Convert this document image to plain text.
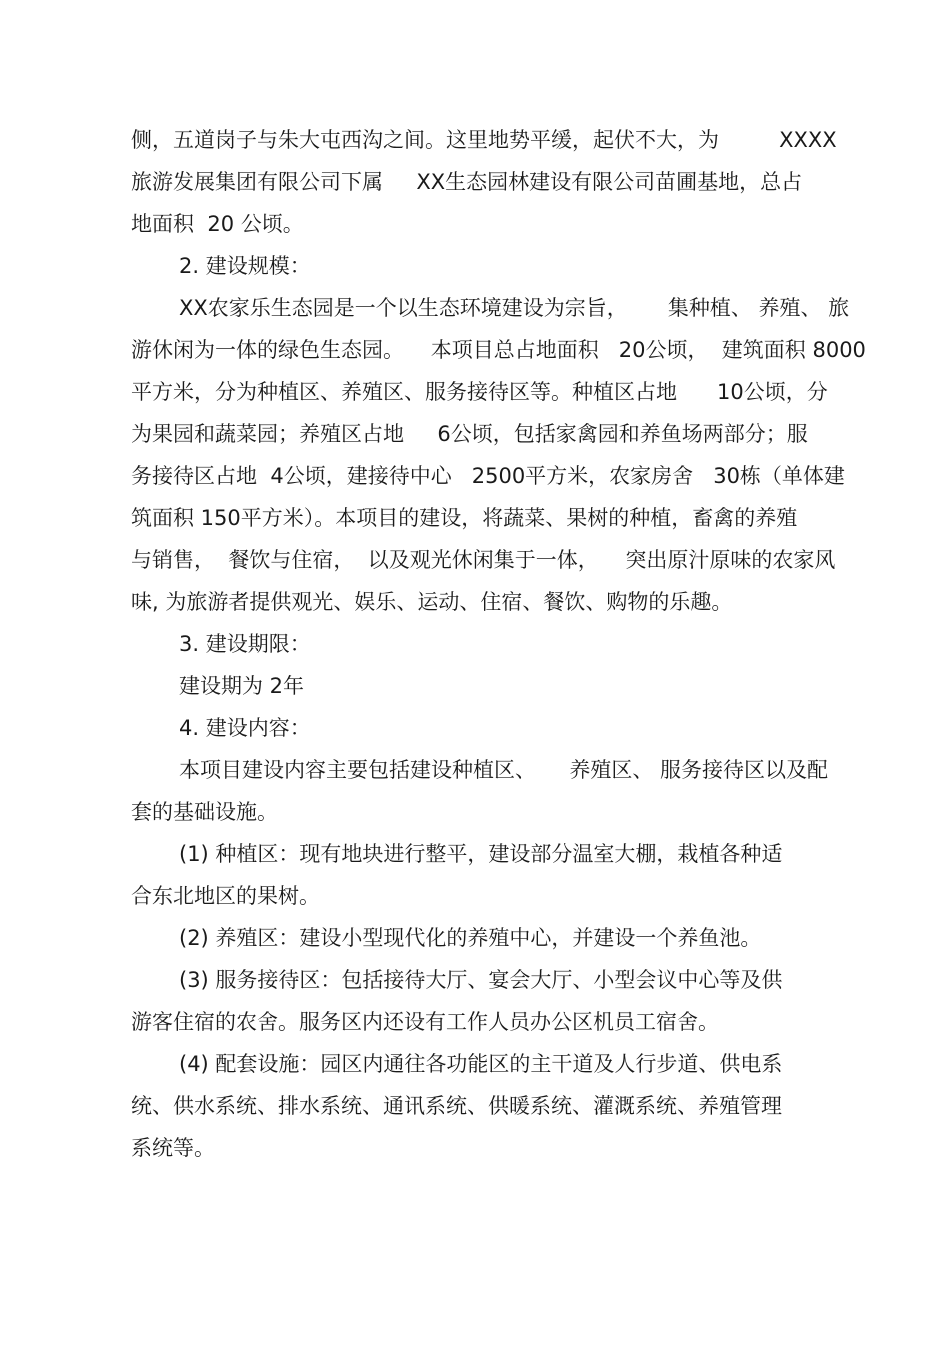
侧，五道岗子与朱大屯西沟之间。这里地势平缓，起伏不大，为         XXXX
旅游发展集团有限公司下属     XX生态园林建设有限公司苗圃基地，总占
地面积  20 公顷。
2. 建设规模：
XX农家乐生态园是一个以生态环境建设为宗旨，      集种植、 养殖、 旅
游休闲为一体的绿色生态园。    本项目总占地面积   20公顷，  建筑面积 8000
平方米，分为种植区、养殖区、服务接待区等。种植区占地      10公顷，分
为果园和蔬菜园；养殖区占地     6公顷，包括家禽园和养鱼场两部分；服
务接待区占地  4公顷，建接待中心   2500平方米，农家房舍   30栋（单体建
筑面积 150平方米）。本项目的建设，将蔬菜、果树的种植，畜禽的养殖
与销售，  餐饮与住宿，  以及观光休闲集于一体，    突出原汁原味的农家风
味, 为旅游者提供观光、娱乐、运动、住宿、餐饮、购物的乐趣。
3. 建设期限：
建设期为 2年
4. 建设内容：
本项目建设内容主要包括建设种植区、     养殖区、 服务接待区以及配
套的基础设施。
(1) 种植区：现有地块进行整平，建设部分温室大棚，栽植各种适
合东北地区的果树。
(2) 养殖区：建设小型现代化的养殖中心，并建设一个养鱼池。
(3) 服务接待区：包括接待大厅、宴会大厅、小型会议中心等及供
游客住宿的农舍。服务区内还设有工作人员办公区机员工宿舍。
(4) 配套设施：园区内通往各功能区的主干道及人行步道、供电系
统、供水系统、排水系统、通讯系统、供暖系统、灌溉系统、养殖管理
系统等。
